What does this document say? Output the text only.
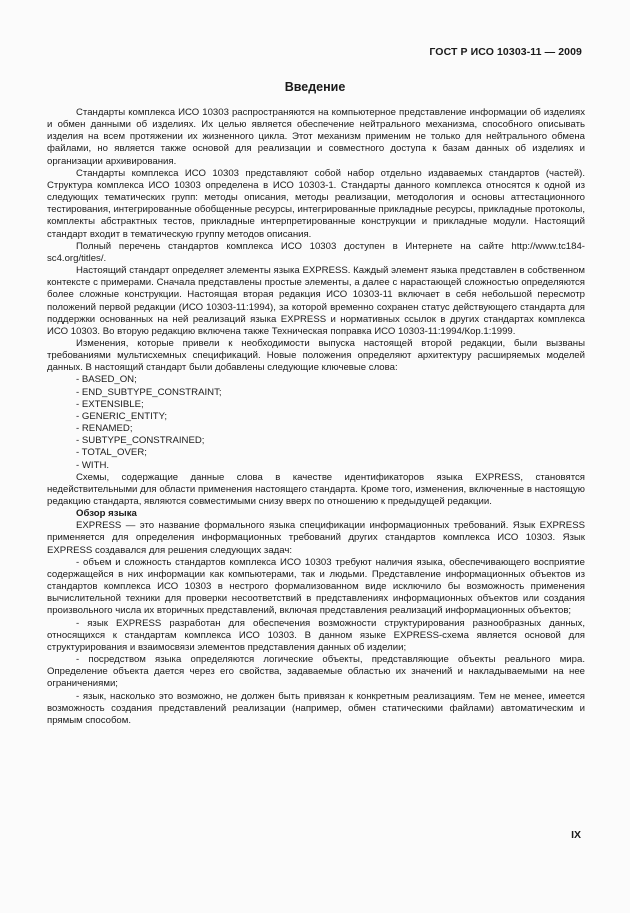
ГОСТ Р ИСО 10303-11 — 2009
Введение

Стандарты комплекса ИСО 10303 распространяются на компьютерное представление информации об изделиях и обмен данными об изделиях. Их целью является обеспечение нейтрального механизма, способного описывать изделия на всем протяжении их жизненного цикла. Этот механизм применим не только для нейтрального обмена файлами, но является также основой для реализации и совместного доступа к базам данных об изделиях и организации архивирования.

Стандарты комплекса ИСО 10303 представляют собой набор отдельно издаваемых стандартов (частей). Структура комплекса ИСО 10303 определена в ИСО 10303-1. Стандарты данного комплекса относятся к одной из следующих тематических групп: методы описания, методы реализации, методология и основы аттестационного тестирования, интегрированные обобщенные ресурсы, интегрированные прикладные ресурсы, прикладные протоколы, комплекты абстрактных тестов, прикладные интерпретированные конструкции и прикладные модули. Настоящий стандарт входит в тематическую группу методов описания.

Полный перечень стандартов комплекса ИСО 10303 доступен в Интернете на сайте http://www.tc184-sc4.org/titles/.

Настоящий стандарт определяет элементы языка EXPRESS. Каждый элемент языка представлен в собственном контексте с примерами. Сначала представлены простые элементы, а далее с нарастающей сложностью определяются более сложные конструкции. Настоящая вторая редакция ИСО 10303-11 включает в себя небольшой пересмотр положений первой редакции (ИСО 10303-11:1994), за которой временно сохранен статус действующего стандарта для поддержки основанных на ней реализаций языка EXPRESS и нормативных ссылок в других стандартах комплекса ИСО 10303. Во вторую редакцию включена также Техническая поправка ИСО 10303-11:1994/Кор.1:1999.

Изменения, которые привели к необходимости выпуска настоящей второй редакции, были вызваны требованиями мультисхемных спецификаций. Новые положения определяют архитектуру расширяемых моделей данных. В настоящий стандарт были добавлены следующие ключевые слова:

- BASED_ON;
- END_SUBTYPE_CONSTRAINT;
- EXTENSIBLE;
- GENERIC_ENTITY;
- RENAMED;
- SUBTYPE_CONSTRAINED;
- TOTAL_OVER;
- WITH.

Схемы, содержащие данные слова в качестве идентификаторов языка EXPRESS, становятся недействительными для области применения настоящего стандарта. Кроме того, изменения, включенные в настоящую редакцию стандарта, являются совместимыми снизу вверх по отношению к предыдущей редакции.

Обзор языка

EXPRESS — это название формального языка спецификации информационных требований. Язык EXPRESS применяется для определения информационных требований других стандартов комплекса ИСО 10303. Язык EXPRESS создавался для решения следующих задач:

- объем и сложность стандартов комплекса ИСО 10303 требуют наличия языка, обеспечивающего восприятие содержащейся в них информации как компьютерами, так и людьми. Представление информационных объектов из стандартов комплекса ИСО 10303 в нестрого формализованном виде исключило бы возможность применения вычислительной техники для проверки несоответствий в представлениях информационных объектов или создания произвольного числа их вторичных представлений, включая представления реализаций информационных объектов;

- язык EXPRESS разработан для обеспечения возможности структурирования разнообразных данных, относящихся к стандартам комплекса ИСО 10303. В данном языке EXPRESS-схема является основой для структурирования и взаимосвязи элементов представления данных об изделии;

- посредством языка определяются логические объекты, представляющие объекты реального мира. Определение объекта дается через его свойства, задаваемые областью их значений и накладываемыми на нее ограничениями;

- язык, насколько это возможно, не должен быть привязан к конкретным реализациям. Тем не менее, имеется возможность создания представлений реализации (например, обмен статическими файлами) автоматическим и прямым способом.

IX
